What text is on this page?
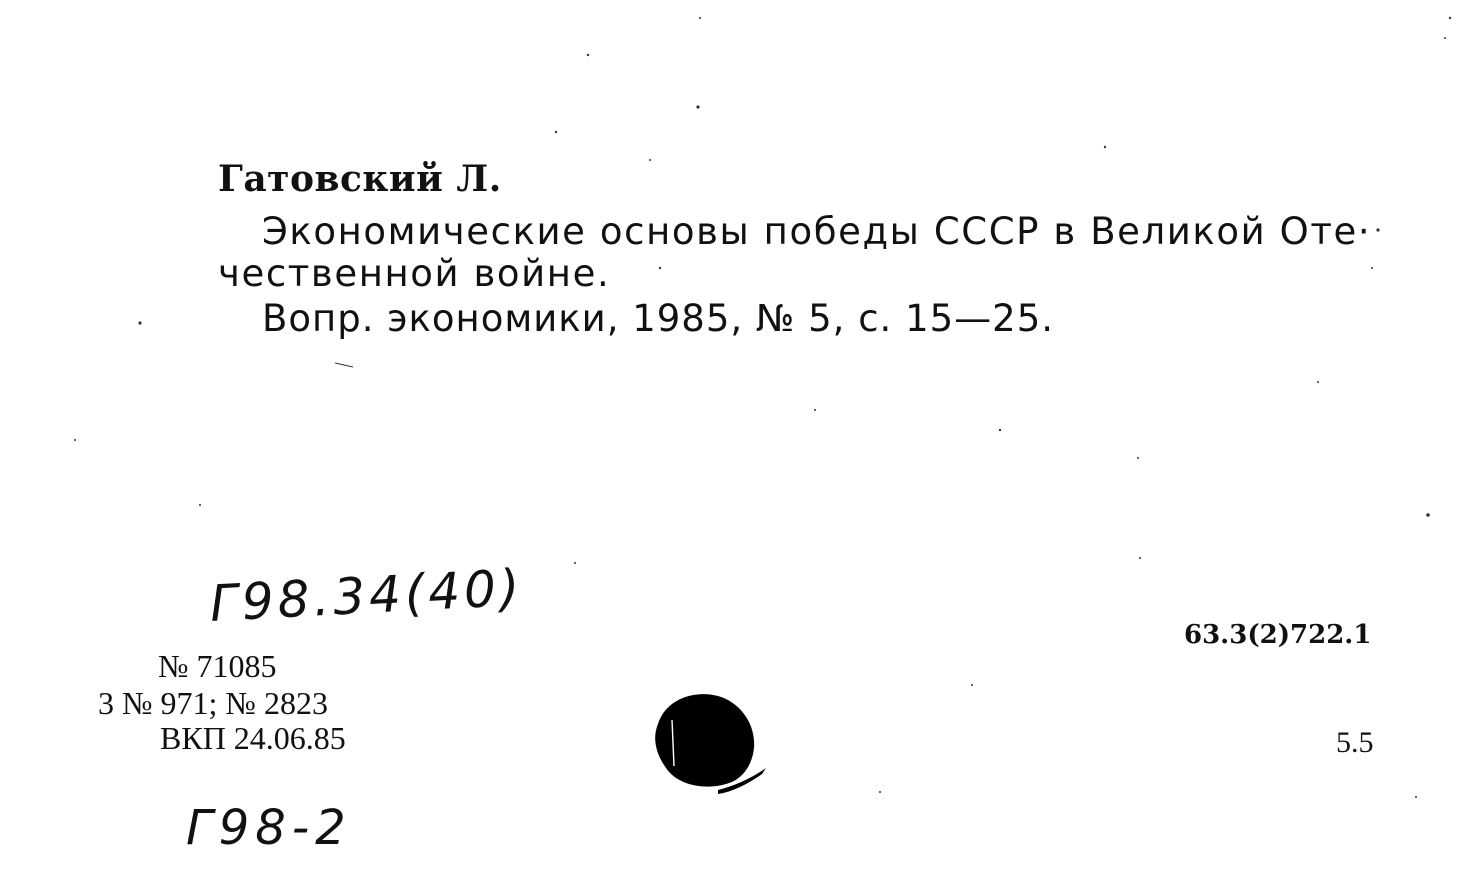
Гатовский Л.
Экономические основы победы СССР в Великой Оте·
чественной войне.
Вопр. экономики, 1985, № 5, с. 15—25.
Г98.34(40)
№ 71085
3 № 971; № 2823
ВКП 24.06.85
63.3(2)722.1
5.5
Г98-2
